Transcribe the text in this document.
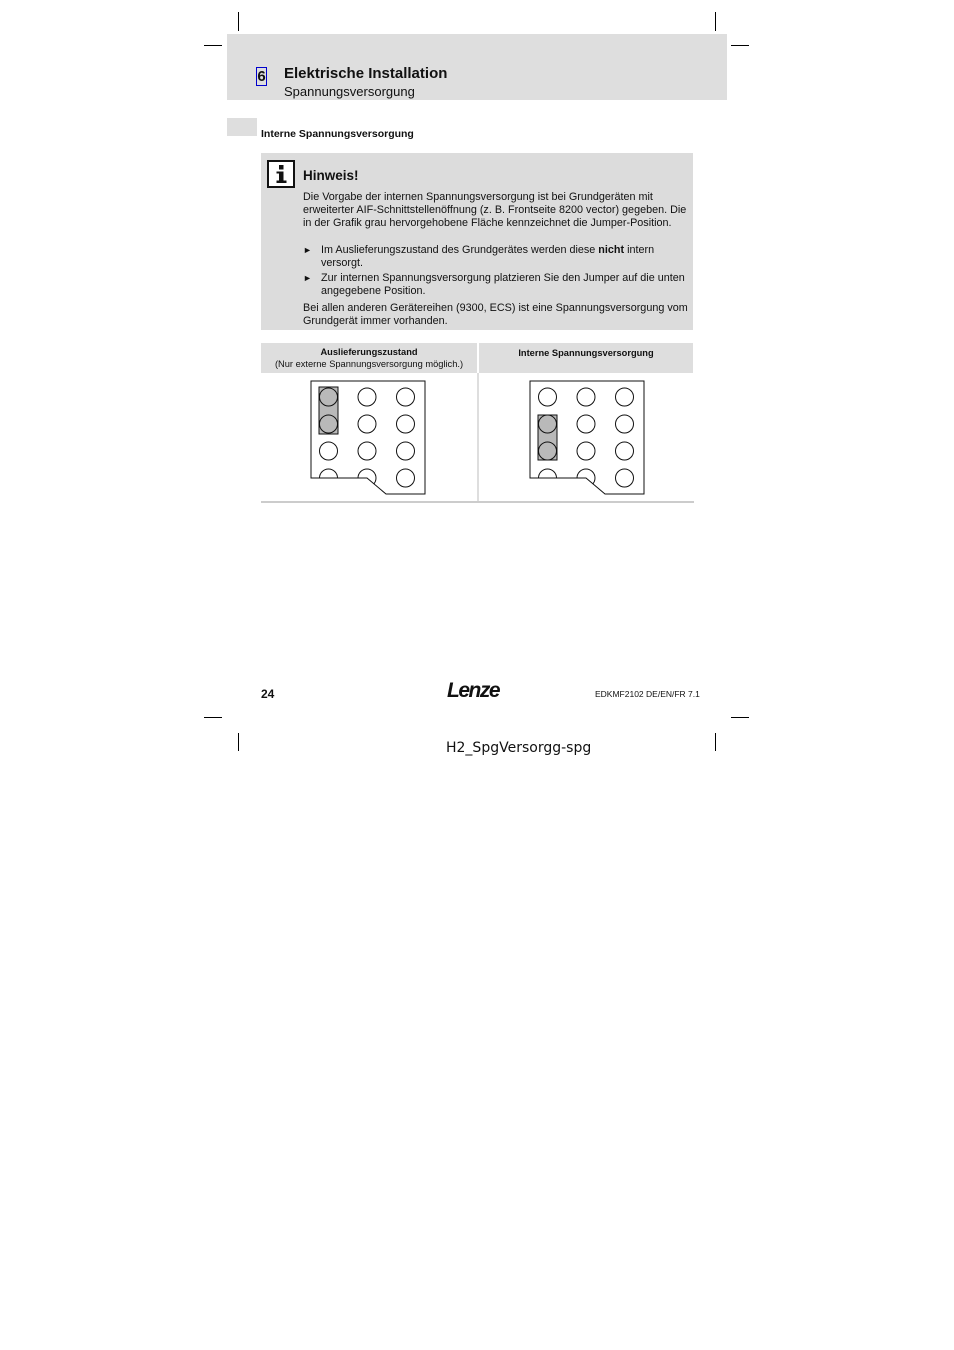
6 Elektrische Installation
Spannungsversorgung
Interne Spannungsversorgung
Hinweis!
Die Vorgabe der internen Spannungsversorgung ist bei Grundgeräten mit erweiterter AIF-Schnittstellenöffnung (z. B. Frontseite 8200 vector) gegeben. Die in der Grafik grau hervorgehobene Fläche kennzeichnet die Jumper-Position.
► Im Auslieferungszustand des Grundgerätes werden diese nicht intern versorgt.
► Zur internen Spannungsversorgung platzieren Sie den Jumper auf die unten angegebene Position.
Bei allen anderen Gerätereihen (9300, ECS) ist eine Spannungsversorgung vom Grundgerät immer vorhanden.
Auslieferungszustand
(Nur externe Spannungsversorgung möglich.)
Interne Spannungsversorgung
24	Lenze	EDKMF2102 DE/EN/FR 7.1
H2_SpgVersorgg-spg
